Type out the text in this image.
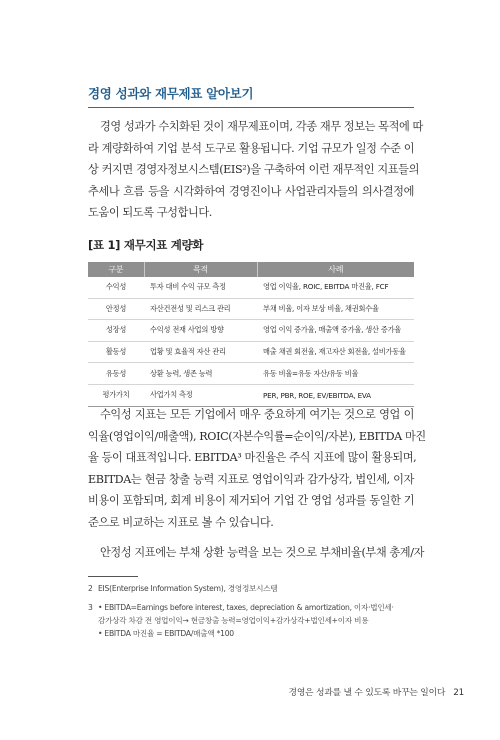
경영 성과와 재무제표 알아보기
경영 성과가 수치화된 것이 재무제표이며, 각종 재무 정보는 목적에 따
라 계량화하여 기업 분석 도구로 활용됩니다. 기업 규모가 일정 수준 이
상 커지면 경영자정보시스템(EIS²)을 구축하여 이런 재무적인 지표들의
추세나 흐름 등을 시각화하여 경영진이나 사업관리자들의 의사결정에
도움이 되도록 구성합니다.
[표 1] 재무지표 계량화
구분	목적	사례
수익성	투자 대비 수익 규모 측정	영업 이익율, ROIC, EBITDA 마진율, FCF
안정성	자산건전성 및 리스크 관리	부채 비율, 이자 보상 비율, 채권회수율
성장성	수익성 전재 사업의 방향	영업 이익 증가율, 매출액 증가율, 생산 증가율
활동성	업황 및 효율적 자산 관리	매출 채권 회전율, 재고자산 회전율, 설비가동율
유동성	상환 능력, 생존 능력	유동 비율=유동 자산/유동 비율
평가가치	사업가치 측정	PER, PBR, ROE, EV/EBITDA, EVA
수익성 지표는 모든 기업에서 매우 중요하게 여기는 것으로 영업 이
익율(영업이익/매출액), ROIC(자본수익률=순이익/자본), EBITDA 마진
율 등이 대표적입니다. EBITDA³ 마진율은 주식 지표에 많이 활용되며,
EBITDA는 현금 창출 능력 지표로 영업이익과 감가상각, 법인세, 이자
비용이 포함되며, 회계 비용이 제거되어 기업 간 영업 성과를 동일한 기
준으로 비교하는 지표로 볼 수 있습니다.
안정성 지표에는 부채 상환 능력을 보는 것으로 부채비율(부채 총계/자
2 EIS(Enterprise Information System), 경영정보시스템
3 • EBITDA=Earnings before interest, taxes, depreciation & amortization, 이자·법인세·
감가상각 차감 전 영업이익→ 현금창출 능력=영업이익+감가상각+법인세+이자 비용
• EBITDA 마진율 = EBITDA/매출액 *100
경영은 성과를 낼 수 있도록 바꾸는 일이다 21
